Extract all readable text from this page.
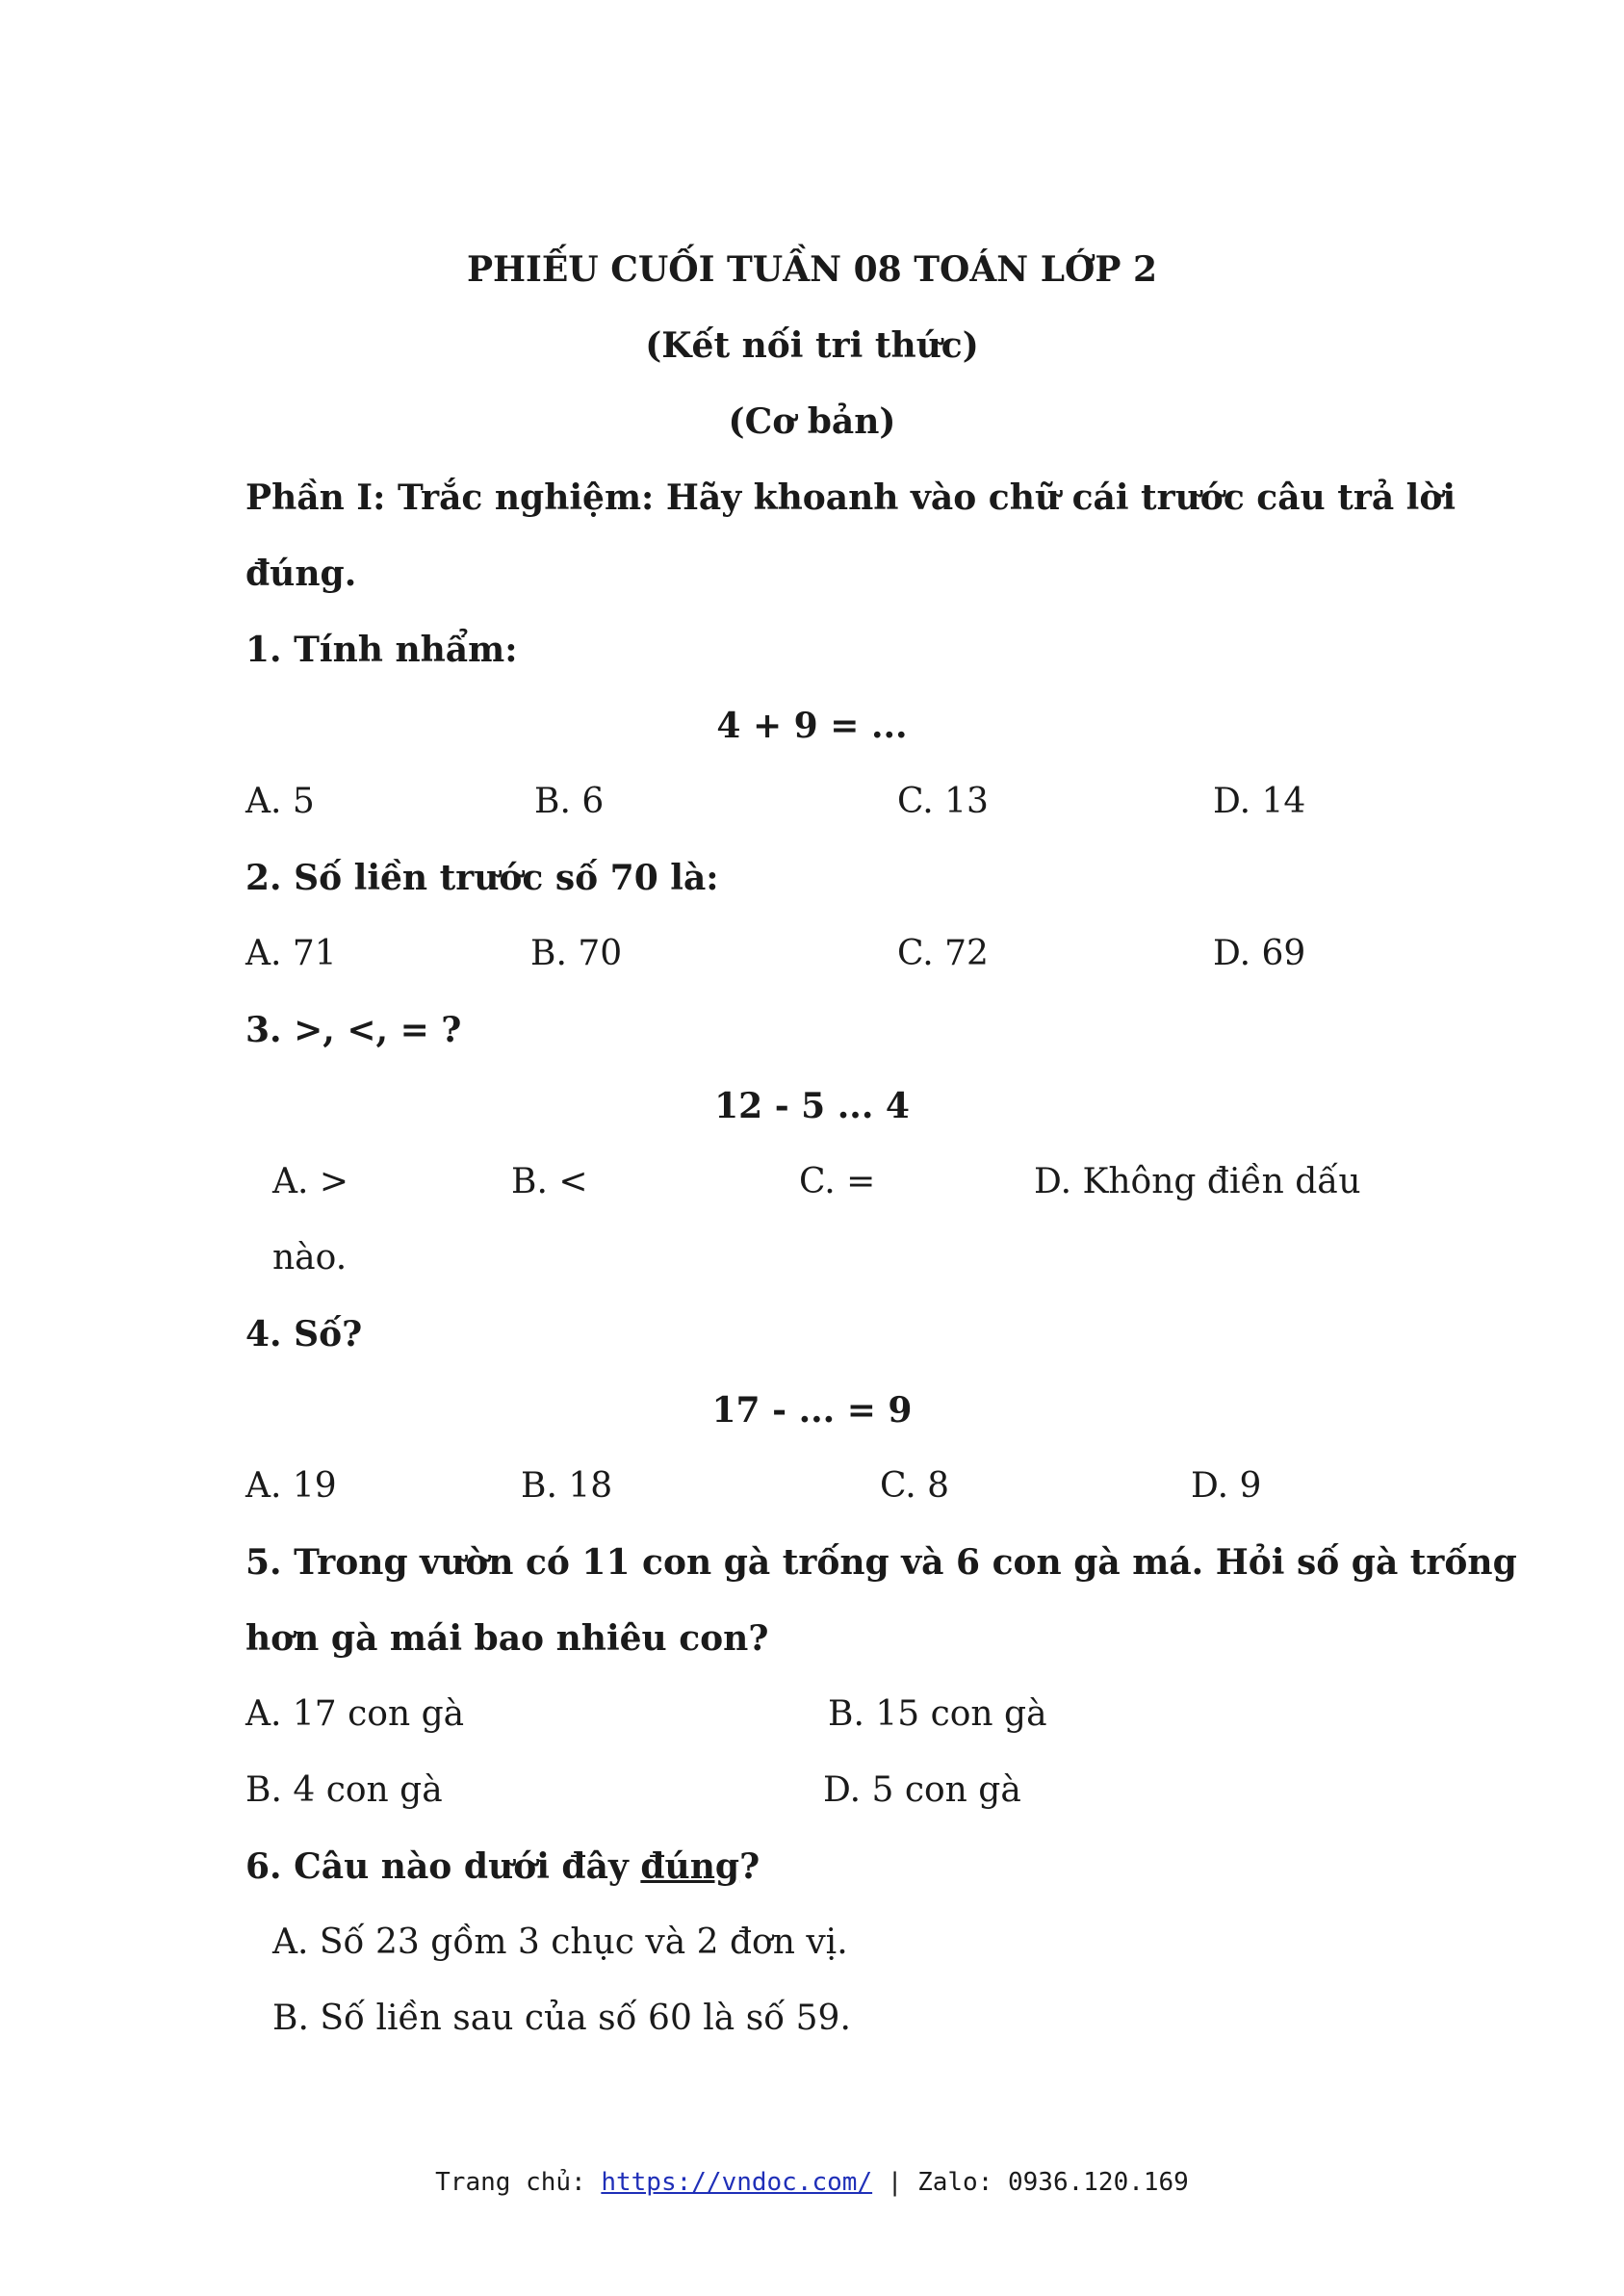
PHIẾU CUỐI TUẦN 08 TOÁN LỚP 2
(Kết nối tri thức)
(Cơ bản)
Phần I: Trắc nghiệm: Hãy khoanh vào chữ cái trước câu trả lời
đúng.
1. Tính nhẩm:
4 + 9 = ...
A. 5	B. 6	C. 13	D. 14
2. Số liền trước số 70 là:
A. 71	B. 70	C. 72	D. 69
3. >, <, = ?
12 - 5 ... 4
A. >	B. <	C. =	D. Không điền dấu
nào.
4. Số?
17 - ... = 9
A. 19	B. 18	C. 8	D. 9
5. Trong vườn có 11 con gà trống và 6 con gà má. Hỏi số gà trống
hơn gà mái bao nhiêu con?
A. 17 con gà	B. 15 con gà
B. 4 con gà	D. 5 con gà
6. Câu nào dưới đây đúng?
A. Số 23 gồm 3 chục và 2 đơn vị.
B. Số liền sau của số 60 là số 59.
Trang chủ: https://vndoc.com/ | Zalo: 0936.120.169
